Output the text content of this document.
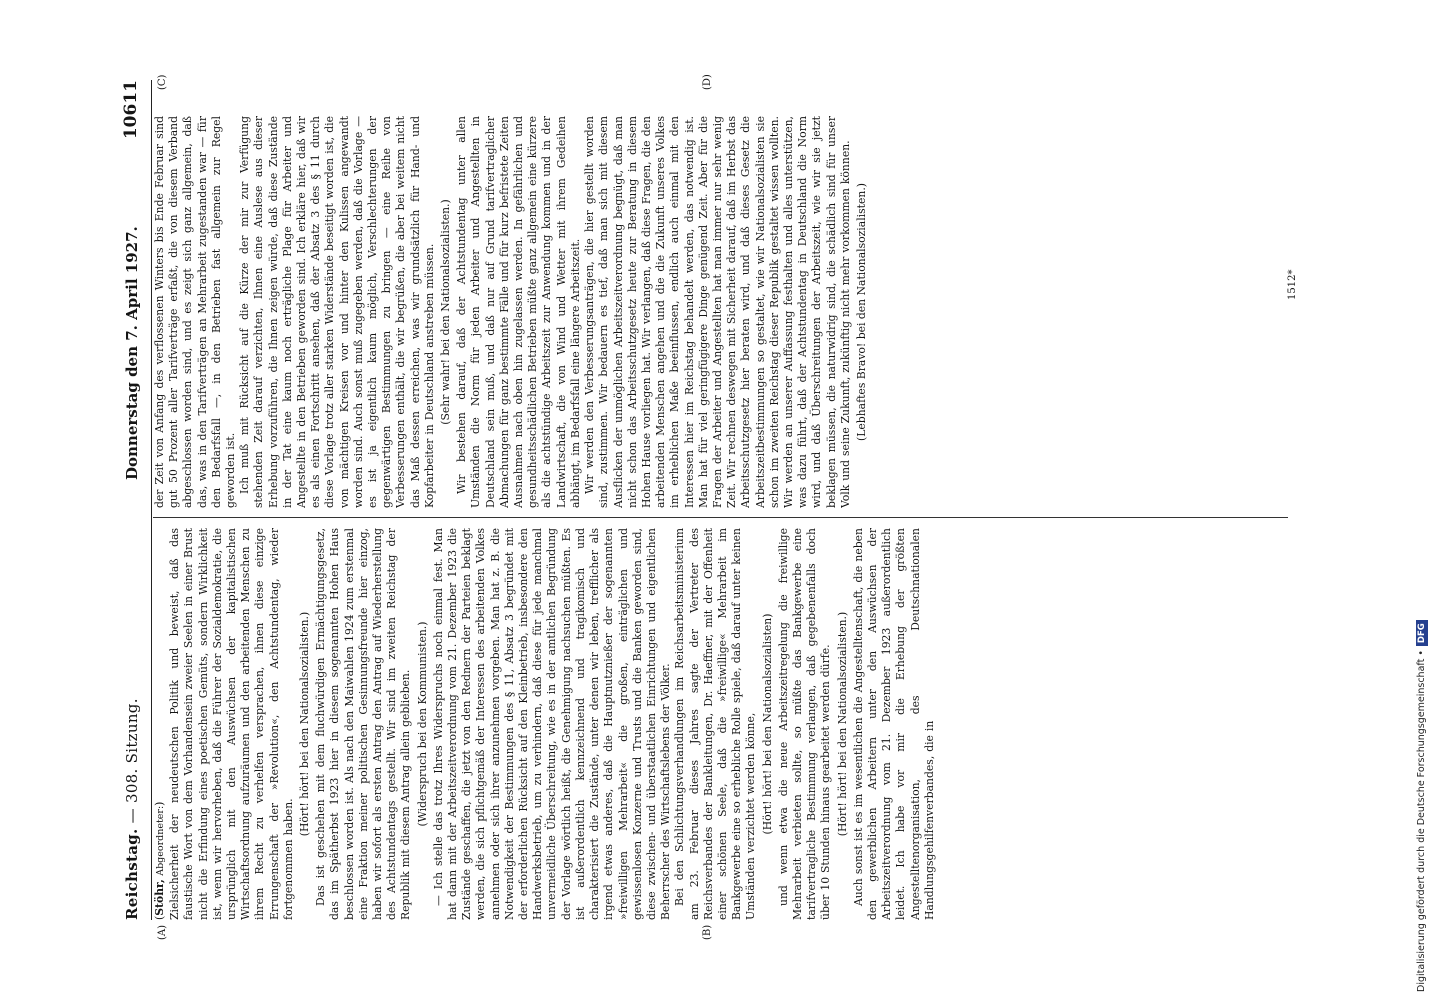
Reichstag. — 308. Sitzung.
Donnerstag den 7. April 1927.
10611
(A)	(B)
(C)	(D)

(Stöhr, Abgeordneter:) Zielsicherheit der neudeutschen Politik und beweist, daß das faustische Wort von dem Vorhandensein zweier Seelen in einer Brust nicht die Erfindung eines poetischen Gemüts, sondern Wirklichkeit ist, wenn wir hervorheben, daß die Führer der Sozialdemokratie, die ursprünglich mit den Auswüchsen der kapitalistischen Wirtschaftsordnung aufzuräumen und den arbeitenden Menschen zu ihrem Recht zu verhelfen versprachen, ihnen diese einzige Errungenschaft der »Revolution«, den Achtstundentag, wieder fortgenommen haben.

(Hört! hört! bei den Nationalsozialisten.) Das ist geschehen mit dem fluchwürdigen Ermächtigungsgesetz, das im Spätherbst 1923 hier in diesem sogenannten Hohen Haus beschlossen worden ist. Als nach den Maiwahlen 1924 zum erstenmal eine Fraktion meiner politischen Gesinnungsfreunde hier einzog, haben wir sofort als ersten Antrag den Antrag auf Wiederherstellung des Achtstundentags gestellt. Wir sind im zweiten Reichstag der Republik mit diesem Antrag allein geblieben. (Widerspruch bei den Kommunisten.) — Ich stelle das trotz Ihres Widerspruchs noch einmal fest. Man hat dann mit der Arbeitszeitverordnung vom 21. Dezember 1923 die Zustände geschaffen, die jetzt von den Rednern der Parteien beklagt werden, die sich pflichtgemäß der Interessen des arbeitenden Volkes annehmen oder sich ihrer anzunehmen vorgeben. Man hat z. B. die Notwendigkeit der Bestimmungen des § 11, Absatz 3 begründet mit der erforderlichen Rücksicht auf den Kleinbetrieb, insbesondere den Handwerksbetrieb, um zu verhindern, daß diese für jede manchmal unvermeidliche Überschreitung, wie es in der amtlichen Begründung der Vorlage wörtlich heißt, die Genehmigung nachsuchen müßten. Es ist außerordentlich kennzeichnend und tragikomisch und charakterisiert die Zustände, unter denen wir leben, trefflicher als irgend etwas anderes, daß die Hauptnutznießer der sogenannten »freiwilligen Mehrarbeit« die großen, einträglichen und gewissenlosen Konzerne und Trusts und die Banken geworden sind, diese zwischen- und überstaatlichen Einrichtungen und eigentlichen Beherrscher des Wirtschaftslebens der Völker. Bei den Schlichtungsverhandlungen im Reichsarbeitsministerium am 23. Februar dieses Jahres sagte der Vertreter des Reichsverbandes der Bankleitungen, Dr. Haeffner, mit der Offenheit einer schönen Seele, daß die »freiwillige« Mehrarbeit im Bankgewerbe eine so erhebliche Rolle spiele, daß darauf unter keinen Umständen verzichtet werden könne, (Hört! hört! bei den Nationalsozialisten) und wenn etwa die neue Arbeitszeitregelung die freiwillige Mehrarbeit verbieten sollte, so müßte das Bankgewerbe eine tarifvertragliche Bestimmung verlangen, daß gegebenenfalls doch über 10 Stunden hinaus gearbeitet werden dürfe. (Hört! hört! bei den Nationalsozialisten.) Auch sonst ist es im wesentlichen die Angestelltenschaft, die neben den gewerblichen Arbeitern unter den Auswüchsen der Arbeitszeitverordnung vom 21. Dezember 1923 außerordentlich leidet. Ich habe vor mir die Erhebung der größten Angestelltenorganisation, des Deutschnationalen Handlungsgehilfenverbandes, die in

der Zeit von Anfang des verflossenen Winters bis Ende Februar sind gut 50 Prozent aller Tarifverträge erfaßt, die von diesem Verband abgeschlossen worden sind, und es zeigt sich ganz allgemein, daß das, was in den Tarifverträgen an Mehrarbeit zugestanden war — für den Bedarfsfall —, in den Betrieben fast allgemein zur Regel geworden ist. Ich muß mit Rücksicht auf die Kürze der mir zur Verfügung stehenden Zeit darauf verzichten, Ihnen eine Auslese aus dieser Erhebung vorzuführen, die Ihnen zeigen würde, daß diese Zustände in der Tat eine kaum noch erträgliche Plage für Arbeiter und Angestellte in den Betrieben geworden sind. Ich erkläre hier, daß wir es als einen Fortschritt ansehen, daß der Absatz 3 des § 11 durch diese Vorlage trotz aller starken Widerstände beseitigt worden ist, die von mächtigen Kreisen vor und hinter den Kulissen angewandt worden sind. Auch sonst muß zugegeben werden, daß die Vorlage — es ist ja eigentlich kaum möglich, Verschlechterungen der gegenwärtigen Bestimmungen zu bringen — eine Reihe von Verbesserungen enthält, die wir begrüßen, die aber bei weitem nicht das Maß dessen erreichen, was wir grundsätzlich für Hand- und Kopfarbeiter in Deutschland anstreben müssen. (Sehr wahr! bei den Nationalsozialisten.) Wir bestehen darauf, daß der Achtstundentag unter allen Umständen die Norm für jeden Arbeiter und Angestellten in Deutschland sein muß, und daß nur auf Grund tarifvertraglicher Abmachungen für ganz bestimmte Fälle und für kurz befristete Zeiten Ausnahmen nach oben hin zugelassen werden. In gefährlichen und gesundheitsschädlichen Betrieben müßte ganz allgemein eine kürzere als die achtstündige Arbeitszeit zur Anwendung kommen und in der Landwirtschaft, die von Wind und Wetter mit ihrem Gedeihen abhängt, im Bedarfsfall eine längere Arbeitszeit. Wir werden den Verbesserungsanträgen, die hier gestellt worden sind, zustimmen. Wir bedauern es tief, daß man sich mit diesem Ausflicken der unmöglichen Arbeitszeitverordnung begnügt, daß man nicht schon das Arbeitsschutzgesetz heute zur Beratung in diesem Hohen Hause vorliegen hat. Wir verlangen, daß diese Fragen, die den arbeitenden Menschen angehen und die die Zukunft unseres Volkes im erheblichen Maße beeinflussen, endlich auch einmal mit den Interessen hier im Reichstag behandelt werden, das notwendig ist. Man hat für viel geringfügigere Dinge genügend Zeit. Aber für die Fragen der Arbeiter und Angestellten hat man immer nur sehr wenig Zeit. Wir rechnen deswegen mit Sicherheit darauf, daß im Herbst das Arbeitsschutzgesetz hier beraten wird, und daß dieses Gesetz die Arbeitszeitbestimmungen so gestaltet, wie wir Nationalsozialisten sie schon im zweiten Reichstag dieser Republik gestaltet wissen wollten. Wir werden an unserer Auffassung festhalten und alles unterstützen, was dazu führt, daß der Achtstundentag in Deutschland die Norm wird, und daß Überschreitungen der Arbeitszeit, wie wir sie jetzt beklagen müssen, die naturwidrig sind, die schädlich sind für unser Volk und seine Zukunft, zukünftig nicht mehr vorkommen können. (Lebhaftes Bravo! bei den Nationalsozialisten.)	1512*
Digitalisierung gefördert durch die Deutsche Forschungsgemeinschaft •DFG
